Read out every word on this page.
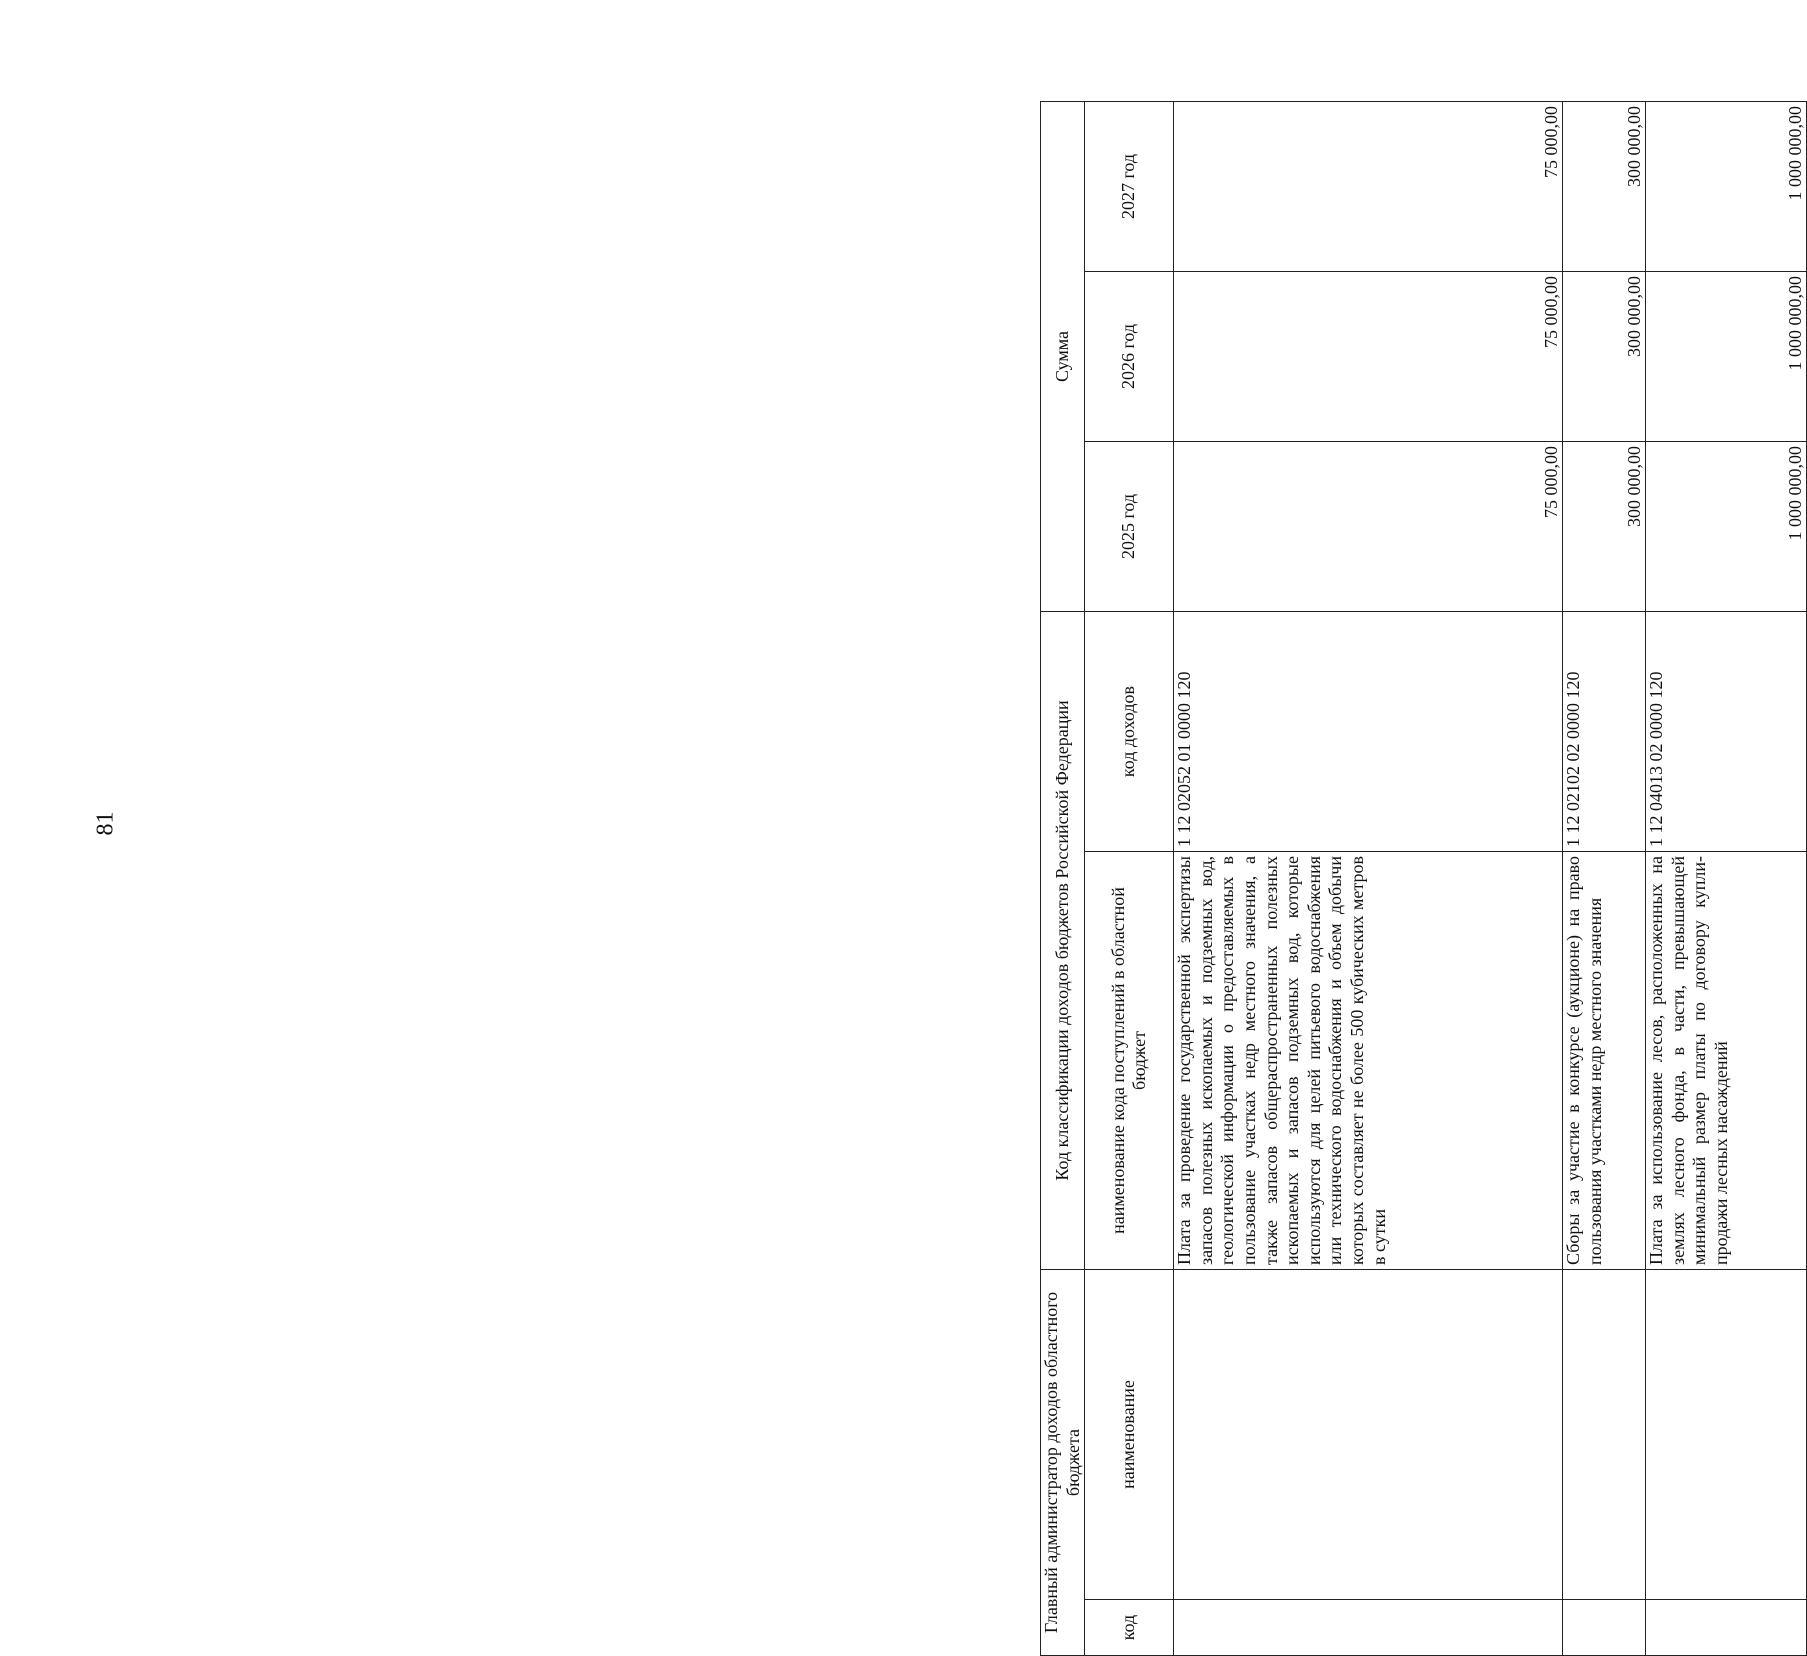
81
Главный администратор доходов областного бюджета		Код классификации доходов бюджетов Российской Федерации		Сумма		
код	наименование	наименование кода поступлений в областной бюджет	код доходов	2025 год	2026 год	2027 год
		Плата за проведение государственной экспертизы запасов полезных ископаемых и подземных вод, геологической информации о предоставляемых в пользование участках недр местного значения, а также запасов общераспространенных полезных ископаемых и запасов подземных вод, которые используются для целей питьевого водоснабжения или технического водоснабжения и объем добычи которых составляет не более 500 кубических метров в сутки	1 12 02052 01 0000 120	75 000,00	75 000,00	75 000,00
		Сборы за участие в конкурсе (аукционе) на право пользования участками недр местного значения	1 12 02102 02 0000 120	300 000,00	300 000,00	300 000,00
		Плата за использование лесов, расположенных на землях лесного фонда, в части, превышающей минимальный размер платы по договору купли-продажи лесных насаждений	1 12 04013 02 0000 120	1 000 000,00	1 000 000,00	1 000 000,00
